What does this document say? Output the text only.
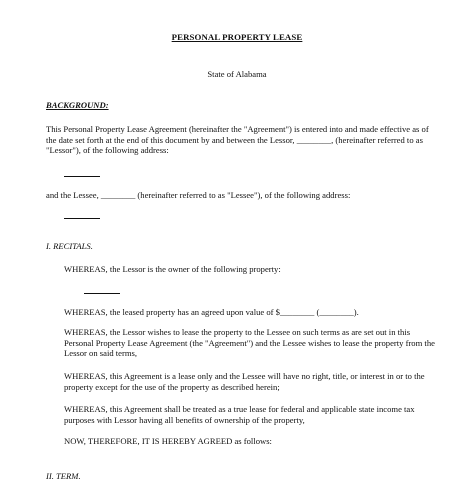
PERSONAL PROPERTY LEASE
State of Alabama
BACKGROUND:
This Personal Property Lease Agreement (hereinafter the "Agreement") is entered into and made effective as of the date set forth at the end of this document by and between the Lessor, ________, (hereinafter referred to as "Lessor"), of the following address:
and the Lessee, ________ (hereinafter referred to as "Lessee"), of the following address:
I. RECITALS.
WHEREAS, the Lessor is the owner of the following property:
WHEREAS, the leased property has an agreed upon value of $________ (________).
WHEREAS, the Lessor wishes to lease the property to the Lessee on such terms as are set out in this Personal Property Lease Agreement (the "Agreement") and the Lessee wishes to lease the property from the Lessor on said terms,
WHEREAS, this Agreement is a lease only and the Lessee will have no right, title, or interest in or to the property except for the use of the property as described herein;
WHEREAS, this Agreement shall be treated as a true lease for federal and applicable state income tax purposes with Lessor having all benefits of ownership of the property,
NOW, THEREFORE, IT IS HEREBY AGREED as follows:
II. TERM.
